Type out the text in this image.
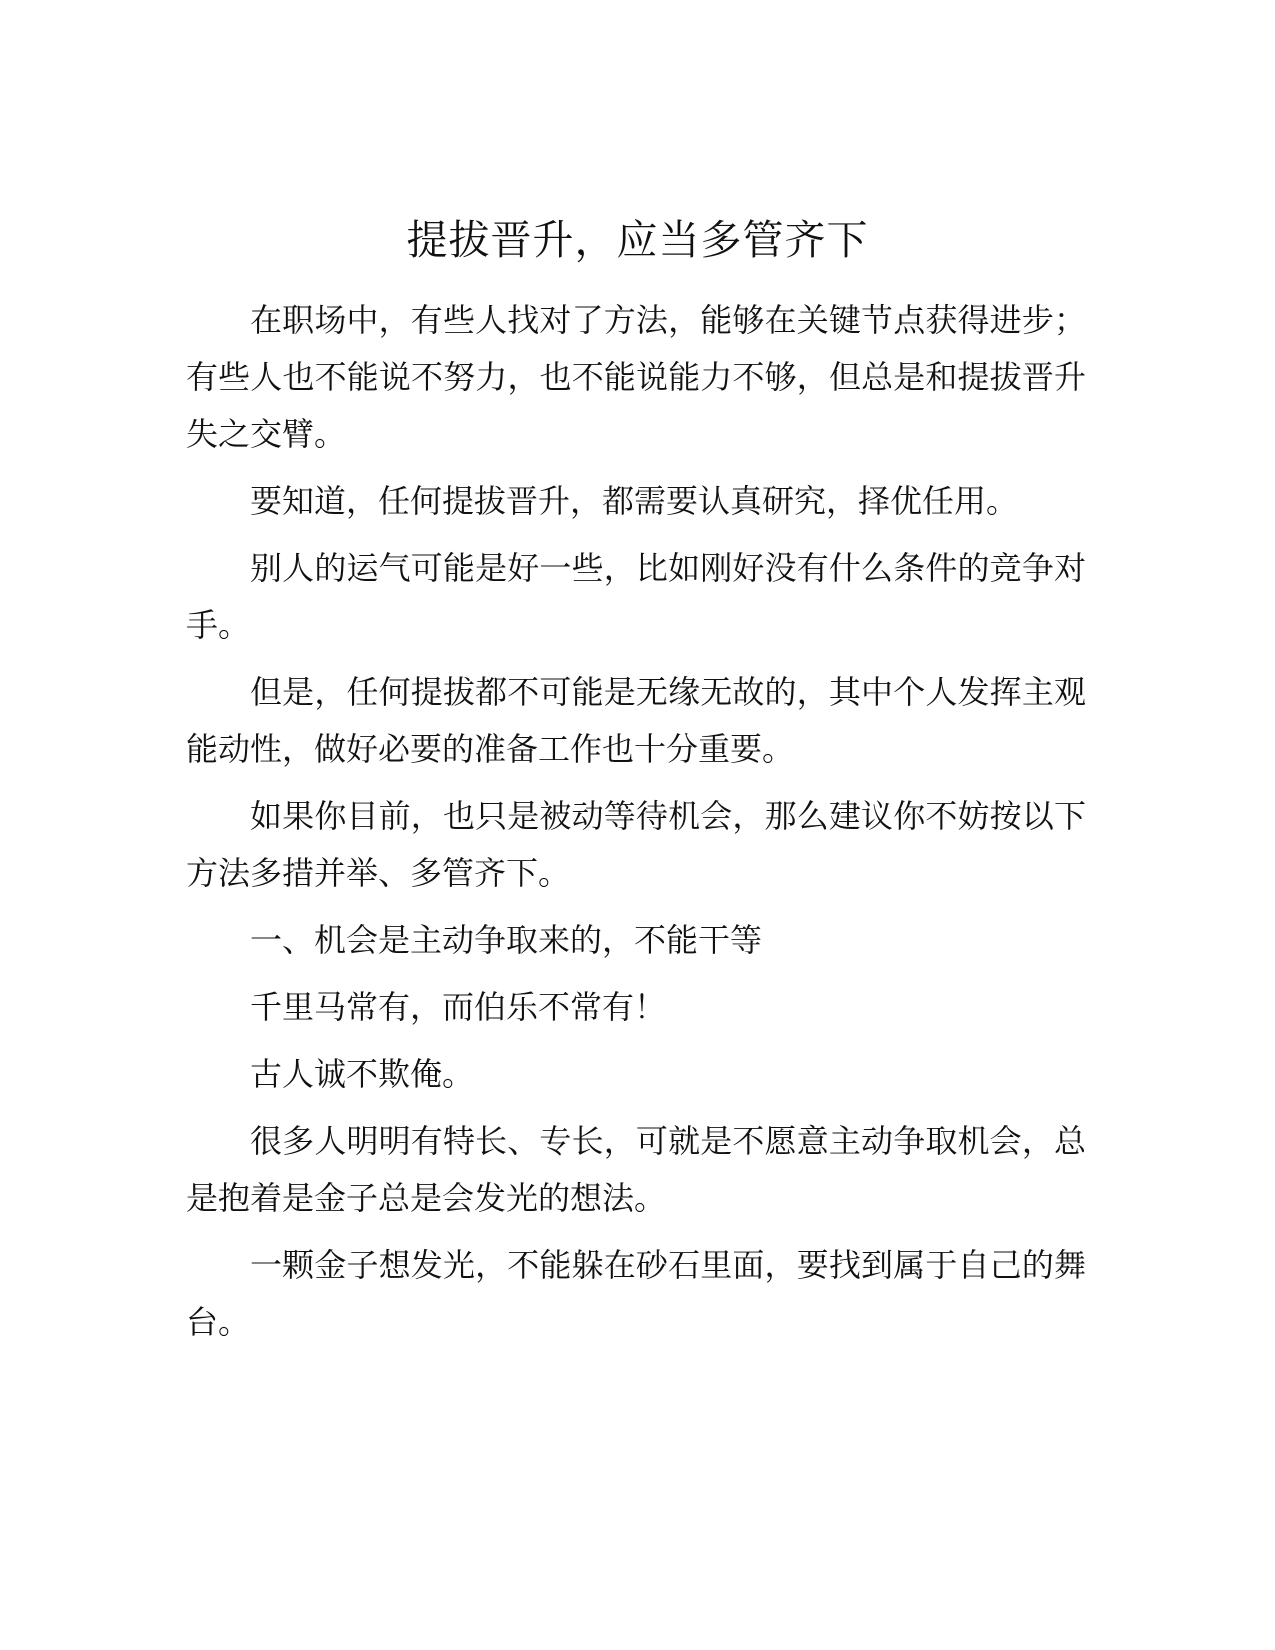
提拔晋升，应当多管齐下

在职场中，有些人找对了方法，能够在关键节点获得进步；有些人也不能说不努力，也不能说能力不够，但总是和提拔晋升失之交臂。

要知道，任何提拔晋升，都需要认真研究，择优任用。

别人的运气可能是好一些，比如刚好没有什么条件的竞争对手。

但是，任何提拔都不可能是无缘无故的，其中个人发挥主观能动性，做好必要的准备工作也十分重要。

如果你目前，也只是被动等待机会，那么建议你不妨按以下方法多措并举、多管齐下。

一、机会是主动争取来的，不能干等

千里马常有，而伯乐不常有！

古人诚不欺俺。

很多人明明有特长、专长，可就是不愿意主动争取机会，总是抱着是金子总是会发光的想法。

一颗金子想发光，不能躲在砂石里面，要找到属于自己的舞台。
